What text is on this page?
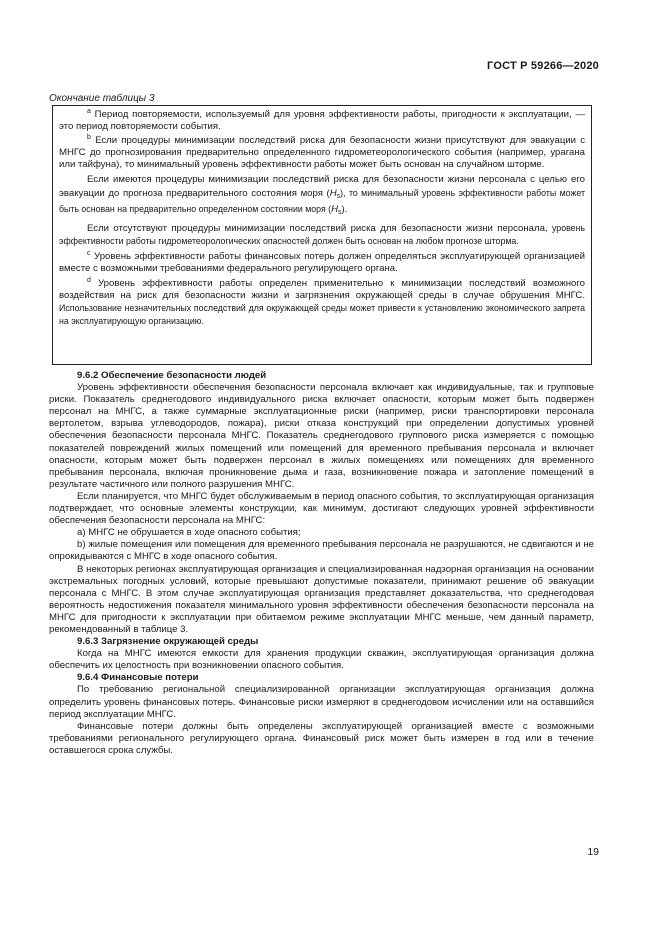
ГОСТ Р 59266—2020
Окончание таблицы 3

$^a$ Период повторяемости, используемый для уровня эффективности работы, пригодности к эксплуатации, — это период повторяемости события.

$^b$ Если процедуры минимизации последствий риска для безопасности жизни присутствуют для эвакуации с МНГС до прогнозирования предварительно определенного гидрометеорологического события (например, урагана или тайфуна), то минимальный уровень эффективности работы может быть основан на случайном шторме.

Если имеются процедуры минимизации последствий риска для безопасности жизни персонала с целью его эвакуации до прогноза предварительного состояния моря $(H_s)$, то минимальный уровень эффективности работы может быть основан на предварительно определенном состоянии моря $(H_s)$.

Если отсутствуют процедуры минимизации последствий риска для безопасности жизни персонала, уровень эффективности работы гидрометеорологических опасностей должен быть основан на любом прогнозе шторма.

$^c$ Уровень эффективности работы финансовых потерь должен определяться эксплуатирующей организацией вместе с возможными требованиями федерального регулирующего органа.

$^d$ Уровень эффективности работы определен применительно к минимизации последствий возможного воздействия на риск для безопасности жизни и загрязнения окружающей среды в случае обрушения МНГС. Использование незначительных последствий для окружающей среды может привести к установлению экономического запрета на эксплуатирующую организацию.

9.6.2 Обеспечение безопасности людей

Уровень эффективности обеспечения безопасности персонала включает как индивидуальные, так и групповые риски. Показатель среднегодового индивидуального риска включает опасности, которым может быть подвержен персонал на МНГС, а также суммарные эксплуатационные риски (например, риски транспортировки персонала вертолетом, взрыва углеводородов, пожара), риски отказа конструкций при определении допустимых уровней обеспечения безопасности персонала МНГС. Показатель среднегодового группового риска измеряется с помощью показателей повреждений жилых помещений или помещений для временного пребывания персонала и включает опасности, которым может быть подвержен персонал в жилых помещениях или помещениях для временного пребывания персонала, включая проникновение дыма и газа, возникновение пожара и затопление помещений в результате частичного или полного разрушения МНГС.

Если планируется, что МНГС будет обслуживаемым в период опасного события, то эксплуатирующая организация подтверждает, что основные элементы конструкции, как минимум, достигают следующих уровней эффективности обеспечения безопасности персонала на МНГС:

а) МНГС не обрушается в ходе опасного события;

b) жилые помещения или помещения для временного пребывания персонала не разрушаются, не сдвигаются и не опрокидываются с МНГС в ходе опасного события.

В некоторых регионах эксплуатирующая организация и специализированная надзорная организация на основании экстремальных погодных условий, которые превышают допустимые показатели, принимают решение об эвакуации персонала с МНГС. В этом случае эксплуатирующая организация представляет доказательства, что среднегодовая вероятность недостижения показателя минимального уровня эффективности обеспечения безопасности персонала на МНГС для пригодности к эксплуатации при обитаемом режиме эксплуатации МНГС меньше, чем данный параметр, рекомендованный в таблице 3.

9.6.3 Загрязнение окружающей среды

Когда на МНГС имеются емкости для хранения продукции скважин, эксплуатирующая организация должна обеспечить их целостность при возникновении опасного события.

9.6.4 Финансовые потери

По требованию региональной специализированной организации эксплуатирующая организация должна определить уровень финансовых потерь. Финансовые риски измеряют в среднегодовом исчислении или на оставшийся период эксплуатации МНГС.

Финансовые потери должны быть определены эксплуатирующей организацией вместе с возможными требованиями регионального регулирующего органа. Финансовый риск может быть измерен в год или в течение оставшегося срока службы.

19
